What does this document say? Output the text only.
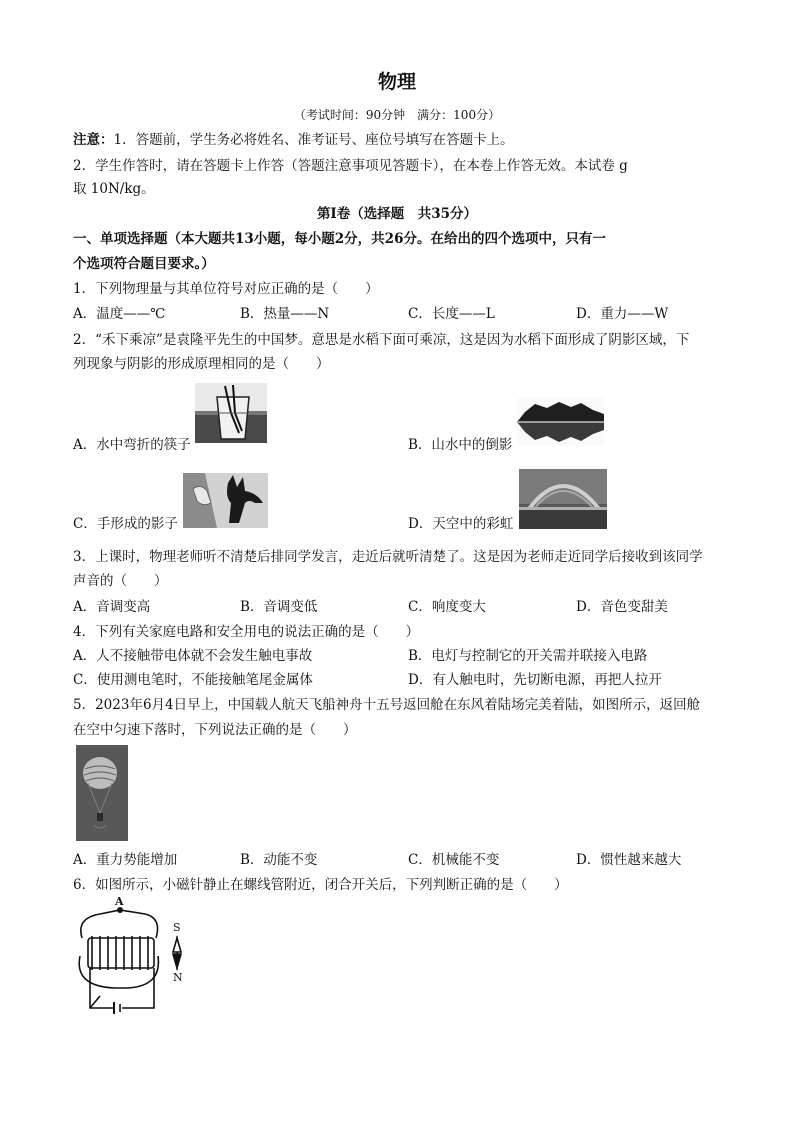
物理
（考试时间：90分钟　满分：100分）
注意：1．答题前，学生务必将姓名、准考证号、座位号填写在答题卡上。
2．学生作答时，请在答题卡上作答（答题注意事项见答题卡），在本卷上作答无效。本试卷 g
取 10N/kg。
第Ⅰ卷（选择题　共35分）
一、单项选择题（本大题共13小题，每小题2分，共26分。在给出的四个选项中，只有一
个选项符合题目要求。）
1．下列物理量与其单位符号对应正确的是（　　）
A．温度——℃	B．热量——N	C．长度——L	D．重力——W
2．“禾下乘凉”是袁隆平先生的中国梦。意思是水稻下面可乘凉，这是因为水稻下面形成了阴影区域，下
列现象与阴影的形成原理相同的是（　　）
A．水中弯折的筷子	B．山水中的倒影
C．手形成的影子	D．天空中的彩虹
3．上课时，物理老师听不清楚后排同学发言，走近后就听清楚了。这是因为老师走近同学后接收到该同学
声音的（　　）
A．音调变高	B．音调变低	C．响度变大	D．音色变甜美
4．下列有关家庭电路和安全用电的说法正确的是（　　）
A．人不接触带电体就不会发生触电事故	B．电灯与控制它的开关需并联接入电路
C．使用测电笔时，不能接触笔尾金属体	D．有人触电时，先切断电源，再把人拉开
5．2023年6月4日早上，中国载人航天飞船神舟十五号返回舱在东风着陆场完美着陆，如图所示，返回舱
在空中匀速下落时，下列说法正确的是（　　）
A．重力势能增加	B．动能不变	C．机械能不变	D．惯性越来越大
6．如图所示，小磁针静止在螺线管附近，闭合开关后，下列判断正确的是（　　）
A
S
N
